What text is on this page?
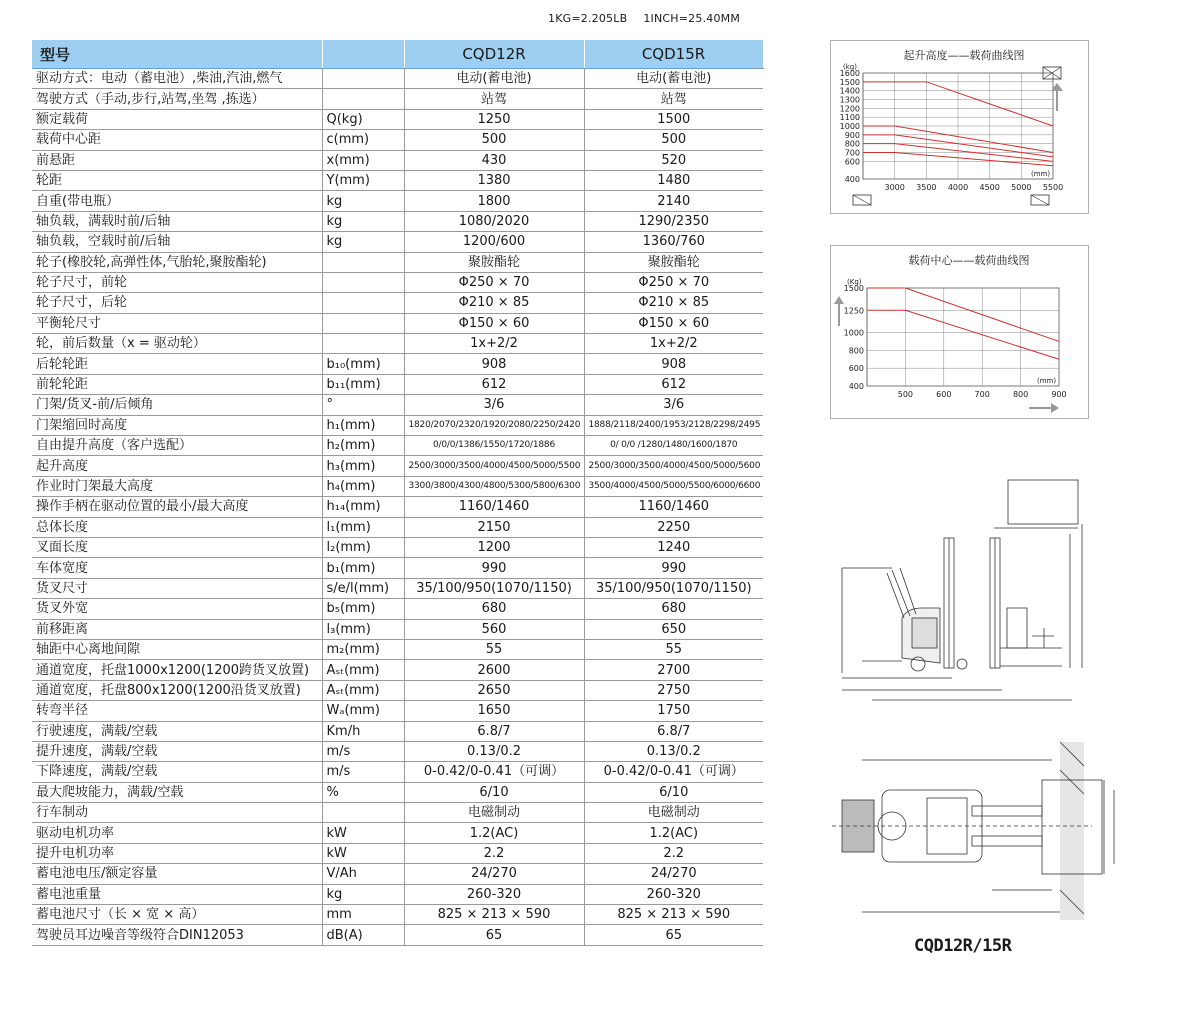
1KG=2.205LB 1INCH=25.40MM
型号		CQD12R	CQD15R
驱动方式：电动（蓄电池）,柴油,汽油,燃气		电动(蓄电池)	电动(蓄电池)
驾驶方式（手动,步行,站驾,坐驾 ,拣选）		站驾	站驾
额定载荷	Q(kg)	1250	1500
载荷中心距	c(mm)	500	500
前悬距	x(mm)	430	520
轮距	Y(mm)	1380	1480
自重(带电瓶）	kg	1800	2140
轴负载，满载时前/后轴	kg	1080/2020	1290/2350
轴负载，空载时前/后轴	kg	1200/600	1360/760
轮子(橡胶轮,高弹性体,气胎轮,聚胺酯轮)		聚胺酯轮	聚胺酯轮
轮子尺寸，前轮		Φ250 × 70	Φ250 × 70
轮子尺寸，后轮		Φ210 × 85	Φ210 × 85
平衡轮尺寸		Φ150 × 60	Φ150 × 60
轮，前后数量（x = 驱动轮）		1x+2/2	1x+2/2
后轮轮距	b₁₀(mm)	908	908
前轮轮距	b₁₁(mm)	612	612
门架/货叉-前/后倾角	°	3/6	3/6
门架缩回时高度	h₁(mm)	1820/2070/2320/1920/2080/2250/2420	1888/2118/2400/1953/2128/2298/2495
自由提升高度（客户选配）	h₂(mm)	0/0/0/1386/1550/1720/1886	0/ 0/0 /1280/1480/1600/1870
起升高度	h₃(mm)	2500/3000/3500/4000/4500/5000/5500	2500/3000/3500/4000/4500/5000/5600
作业时门架最大高度	h₄(mm)	3300/3800/4300/4800/5300/5800/6300	3500/4000/4500/5000/5500/6000/6600
操作手柄在驱动位置的最小/最大高度	h₁₄(mm)	1160/1460	1160/1460
总体长度	l₁(mm)	2150	2250
叉面长度	l₂(mm)	1200	1240
车体宽度	b₁(mm)	990	990
货叉尺寸	s/e/l(mm)	35/100/950(1070/1150)	35/100/950(1070/1150)
货叉外宽	b₅(mm)	680	680
前移距离	l₃(mm)	560	650
轴距中心离地间隙	m₂(mm)	55	55
通道宽度，托盘1000x1200(1200跨货叉放置)	Aₛₜ(mm)	2600	2700
通道宽度，托盘800x1200(1200沿货叉放置)	Aₛₜ(mm)	2650	2750
转弯半径	Wₐ(mm)	1650	1750
行驶速度，满载/空载	Km/h	6.8/7	6.8/7
提升速度，满载/空载	m/s	0.13/0.2	0.13/0.2
下降速度，满载/空载	m/s	0-0.42/0-0.41（可调）	0-0.42/0-0.41（可调）
最大爬坡能力，满载/空载	%	6/10	6/10
行车制动		电磁制动	电磁制动
驱动电机功率	kW	1.2(AC)	1.2(AC)
提升电机功率	kW	2.2	2.2
蓄电池电压/额定容量	V/Ah	24/270	24/270
蓄电池重量	kg	260-320	260-320
蓄电池尺寸（长 × 宽 × 高）	mm	825 × 213 × 590	825 × 213 × 590
驾驶员耳边噪音等级符合DIN12053	dB(A)	65	65
起升高度——载荷曲线图
400
600
700
800
900
1000
1100
1200
1300
1400
1500
1600
3000 3500 4000 4500 5000 5500
(kg)
(mm)
载荷中心——载荷曲线图
400
600
800
1000
1250
1500
500	600	700	800	900
(Kg)
(mm)
CQD12R/15R
